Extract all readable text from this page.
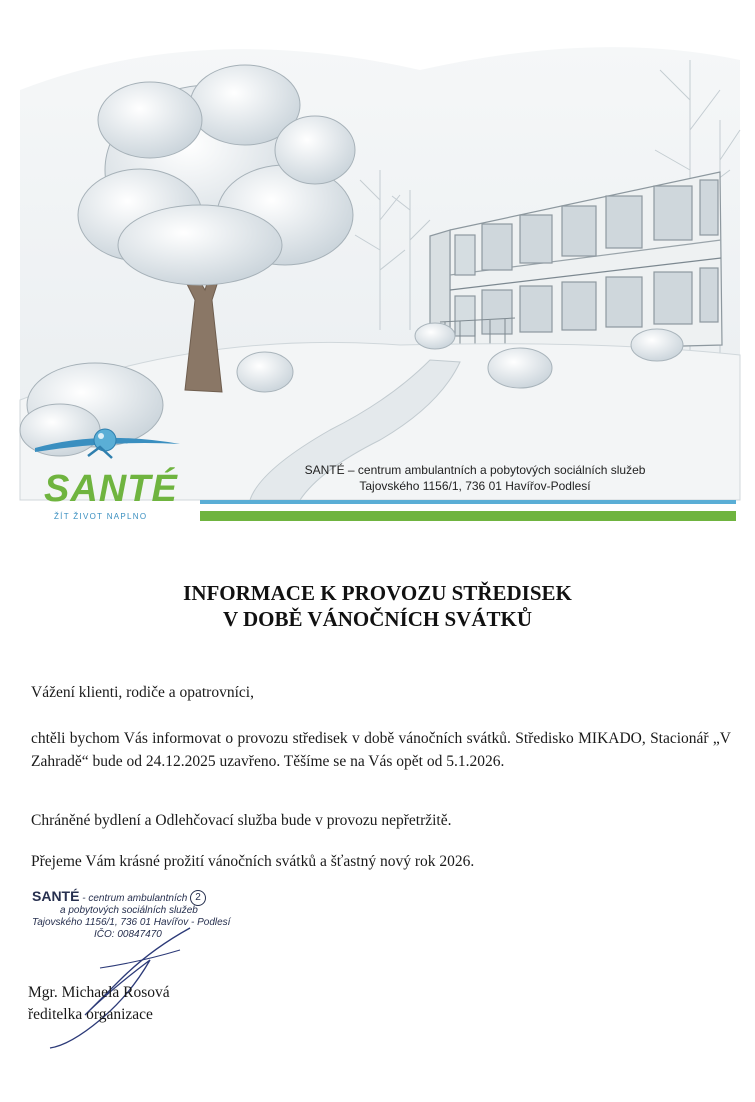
SANTÉ
ŽÍT ŽIVOT NAPLNO
SANTÉ – centrum ambulantních a pobytových sociálních služeb
Tajovského 1156/1, 736 01 Havířov-Podlesí
INFORMACE K PROVOZU STŘEDISEK
V DOBĚ VÁNOČNÍCH SVÁTKŮ

Vážení klienti, rodiče a opatrovníci,

chtěli bychom Vás informovat o provozu středisek v době vánočních svátků. Středisko MIKADO, Stacionář „V Zahradě“ bude od 24.12.2025 uzavřeno. Těšíme se na Vás opět od 5.1.2026.

Chráněné bydlení a Odlehčovací služba bude v provozu nepřetržitě.

Přejeme Vám krásné prožití vánočních svátků a šťastný nový rok 2026.

SANTÉ - centrum ambulantních
a pobytových sociálních služeb
Tajovského 1156/1, 736 01 Havířov - Podlesí
IČO: 00847470
2
Mgr. Michaela Rosová
ředitelka organizace
